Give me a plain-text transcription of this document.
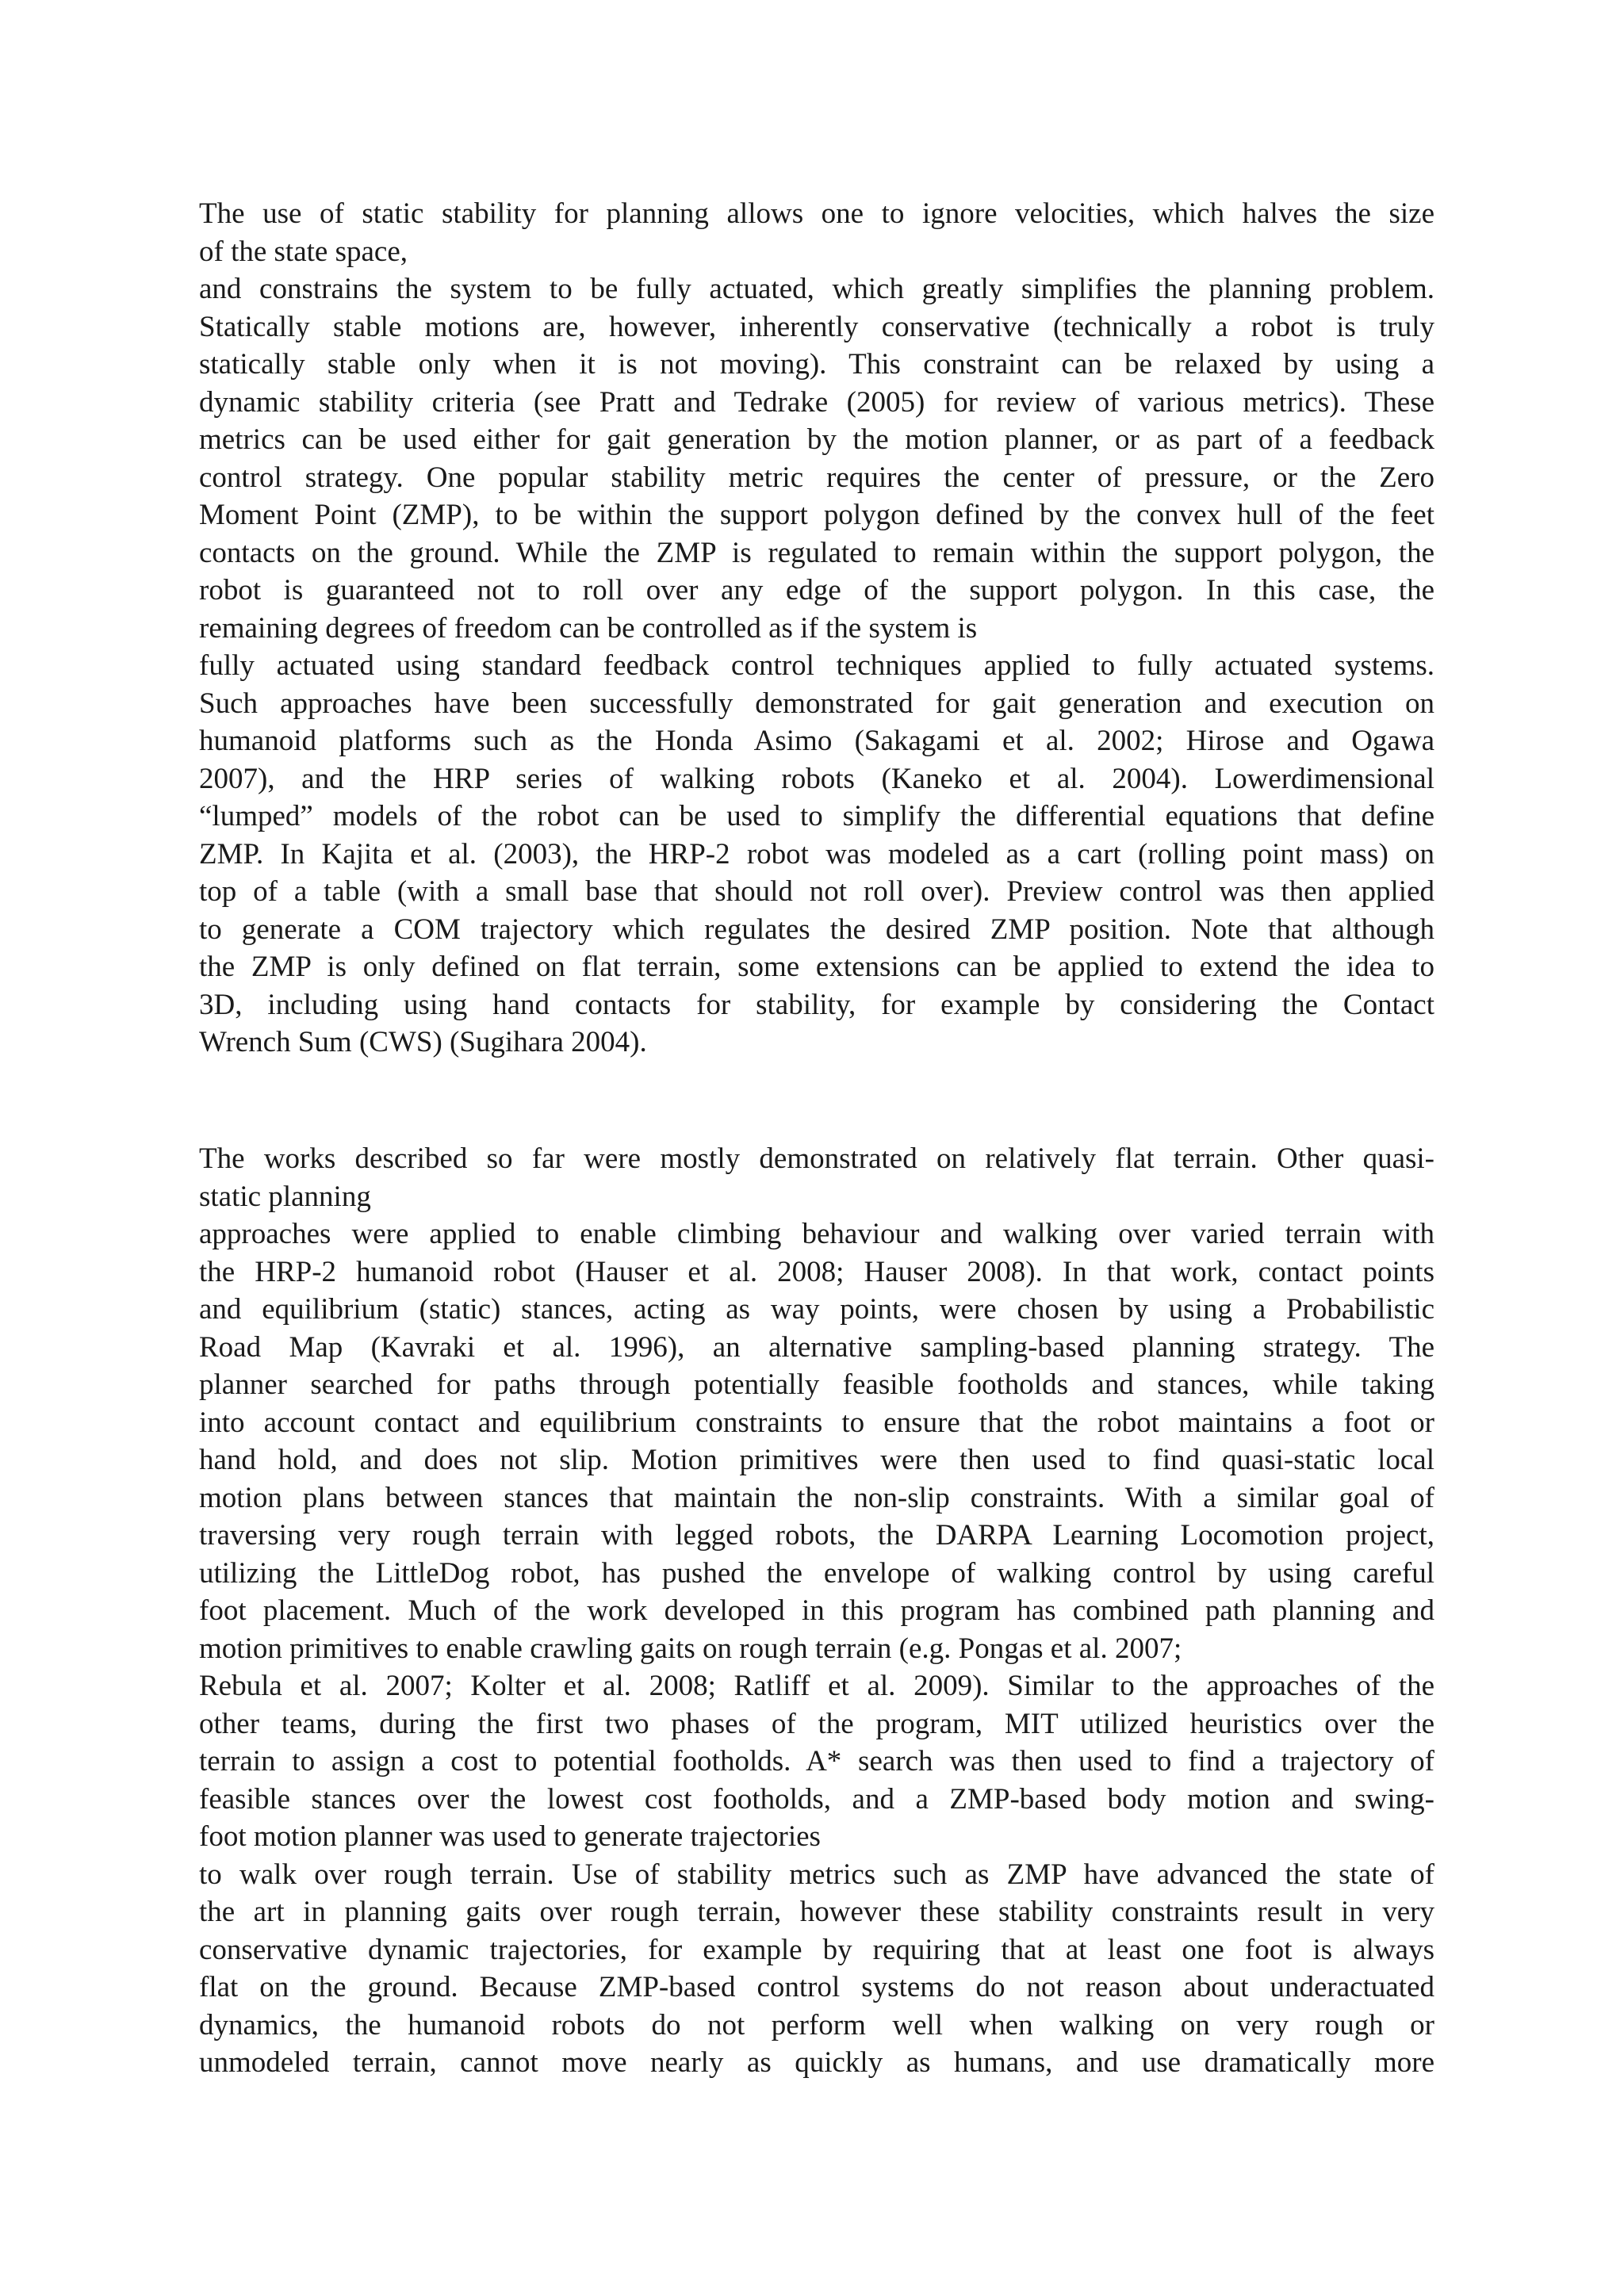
The use of static stability for planning allows one to ignore velocities, which halves the size
of the state space,
and constrains the system to be fully actuated, which greatly simplifies the planning problem.
Statically stable motions are, however, inherently conservative (technically a robot is truly
statically stable only when it is not moving). This constraint can be relaxed by using a
dynamic stability criteria (see Pratt and Tedrake (2005) for review of various metrics). These
metrics can be used either for gait generation by the motion planner, or as part of a feedback
control strategy. One popular stability metric requires the center of pressure, or the Zero
Moment Point (ZMP), to be within the support polygon defined by the convex hull of the feet
contacts on the ground. While the ZMP is regulated to remain within the support polygon, the
robot is guaranteed not to roll over any edge of the support polygon. In this case, the
remaining degrees of freedom can be controlled as if the system is
fully actuated using standard feedback control techniques applied to fully actuated systems.
Such approaches have been successfully demonstrated for gait generation and execution on
humanoid platforms such as the Honda Asimo (Sakagami et al. 2002; Hirose and Ogawa
2007), and the HRP series of walking robots (Kaneko et al. 2004). Lowerdimensional
“lumped” models of the robot can be used to simplify the differential equations that define
ZMP. In Kajita et al. (2003), the HRP-2 robot was modeled as a cart (rolling point mass) on
top of a table (with a small base that should not roll over). Preview control was then applied
to generate a COM trajectory which regulates the desired ZMP position. Note that although
the ZMP is only defined on flat terrain, some extensions can be applied to extend the idea to
3D, including using hand contacts for stability, for example by considering the Contact
Wrench Sum (CWS) (Sugihara 2004).
The works described so far were mostly demonstrated on relatively flat terrain. Other quasi-
static planning
approaches were applied to enable climbing behaviour and walking over varied terrain with
the HRP-2 humanoid robot (Hauser et al. 2008; Hauser 2008). In that work, contact points
and equilibrium (static) stances, acting as way points, were chosen by using a Probabilistic
Road Map (Kavraki et al. 1996), an alternative sampling-based planning strategy. The
planner searched for paths through potentially feasible footholds and stances, while taking
into account contact and equilibrium constraints to ensure that the robot maintains a foot or
hand hold, and does not slip. Motion primitives were then used to find quasi-static local
motion plans between stances that maintain the non-slip constraints. With a similar goal of
traversing very rough terrain with legged robots, the DARPA Learning Locomotion project,
utilizing the LittleDog robot, has pushed the envelope of walking control by using careful
foot placement. Much of the work developed in this program has combined path planning and
motion primitives to enable crawling gaits on rough terrain (e.g. Pongas et al. 2007;
Rebula et al. 2007; Kolter et al. 2008; Ratliff et al. 2009). Similar to the approaches of the
other teams, during the first two phases of the program, MIT utilized heuristics over the
terrain to assign a cost to potential footholds. A* search was then used to find a trajectory of
feasible stances over the lowest cost footholds, and a ZMP-based body motion and swing-
foot motion planner was used to generate trajectories
to walk over rough terrain. Use of stability metrics such as ZMP have advanced the state of
the art in planning gaits over rough terrain, however these stability constraints result in very
conservative dynamic trajectories, for example by requiring that at least one foot is always
flat on the ground. Because ZMP-based control systems do not reason about underactuated
dynamics, the humanoid robots do not perform well when walking on very rough or
unmodeled terrain, cannot move nearly as quickly as humans, and use dramatically more
